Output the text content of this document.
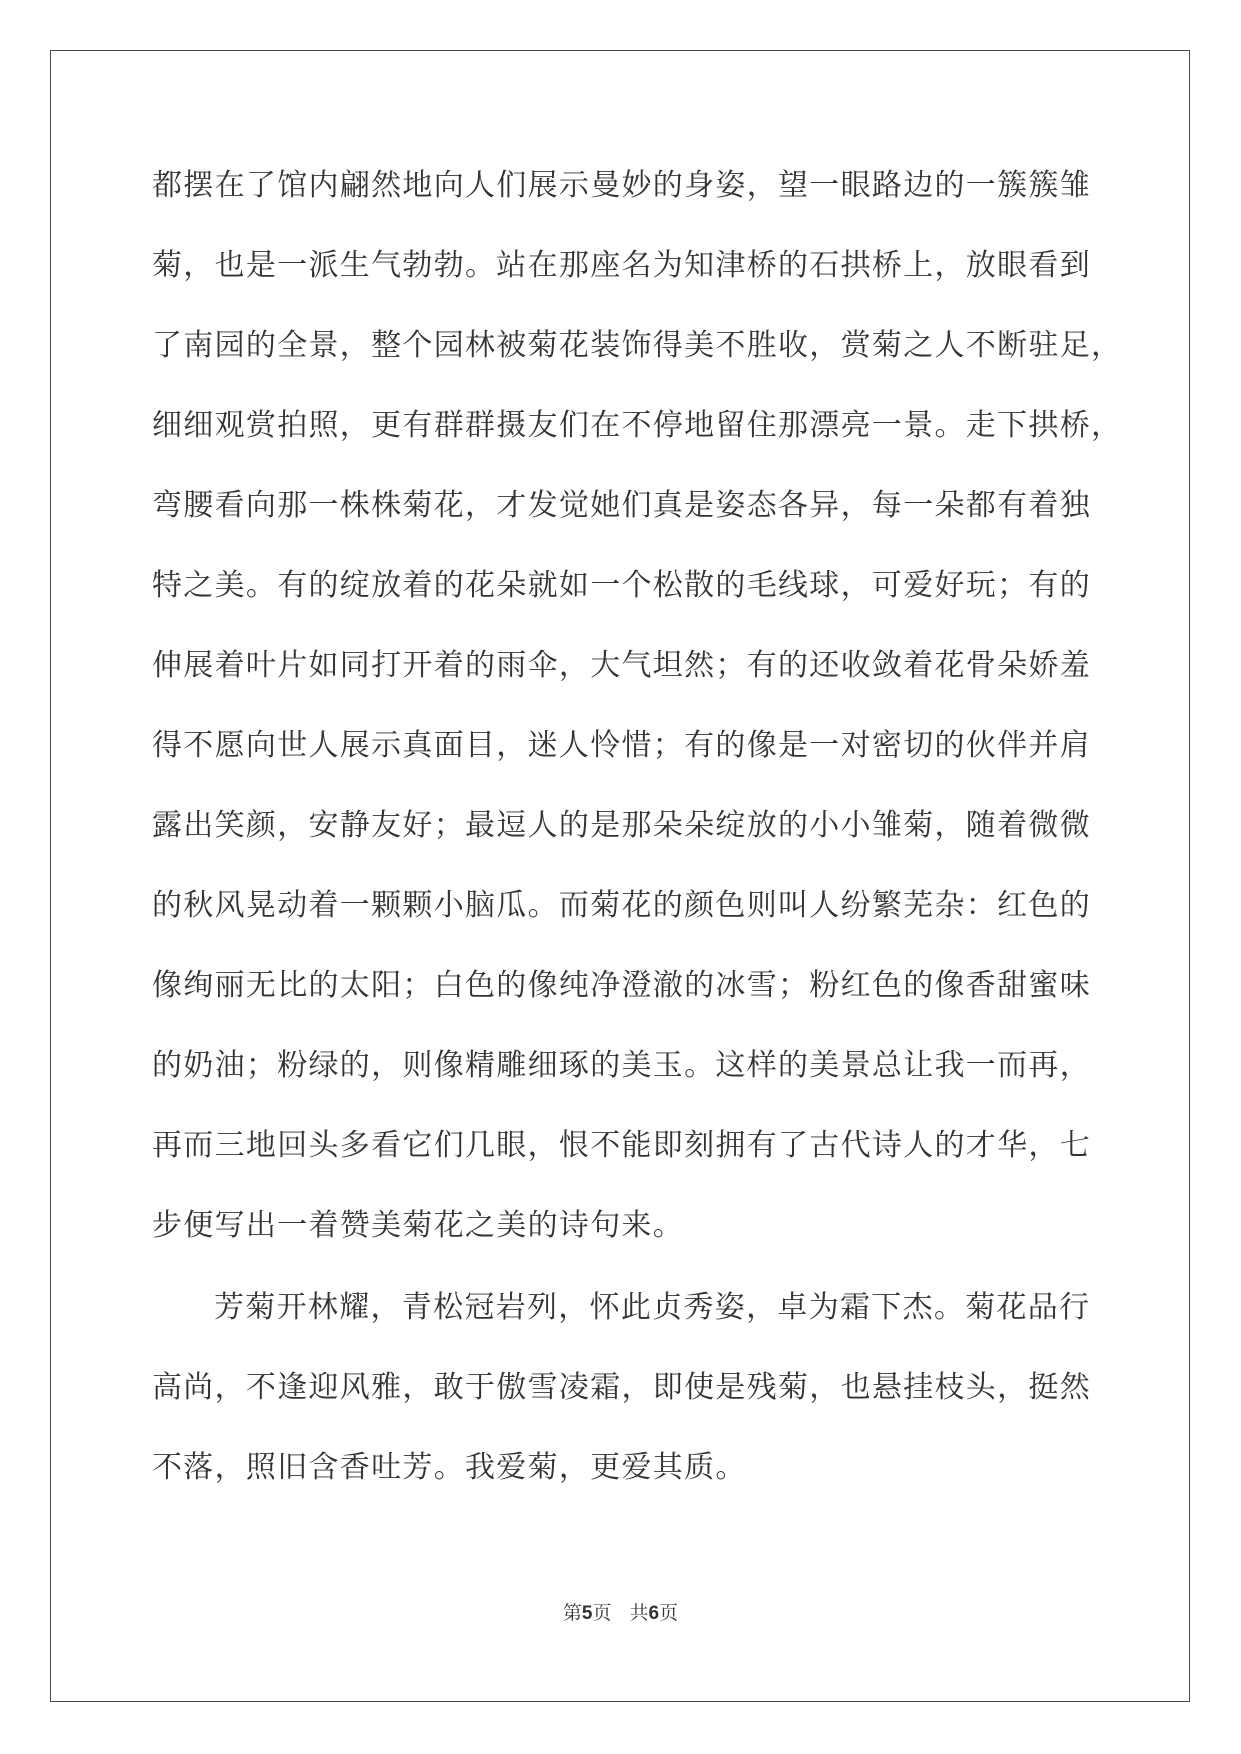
都摆在了馆内翩然地向人们展示曼妙的身姿，望一眼路边的一簇簇雏
菊，也是一派生气勃勃。站在那座名为知津桥的石拱桥上，放眼看到
了南园的全景，整个园林被菊花装饰得美不胜收，赏菊之人不断驻足，
细细观赏拍照，更有群群摄友们在不停地留住那漂亮一景。走下拱桥，
弯腰看向那一株株菊花，才发觉她们真是姿态各异，每一朵都有着独
特之美。有的绽放着的花朵就如一个松散的毛线球，可爱好玩；有的
伸展着叶片如同打开着的雨伞，大气坦然；有的还收敛着花骨朵娇羞
得不愿向世人展示真面目，迷人怜惜；有的像是一对密切的伙伴并肩
露出笑颜，安静友好；最逗人的是那朵朵绽放的小小雏菊，随着微微
的秋风晃动着一颗颗小脑瓜。而菊花的颜色则叫人纷繁芜杂：红色的
像绚丽无比的太阳；白色的像纯净澄澈的冰雪；粉红色的像香甜蜜味
的奶油；粉绿的，则像精雕细琢的美玉。这样的美景总让我一而再，
再而三地回头多看它们几眼，恨不能即刻拥有了古代诗人的才华，七
步便写出一着赞美菊花之美的诗句来。
芳菊开林耀，青松冠岩列，怀此贞秀姿，卓为霜下杰。菊花品行
高尚，不逢迎风雅，敢于傲雪凌霜，即使是残菊，也悬挂枝头，挺然
不落，照旧含香吐芳。我爱菊，更爱其质。
第5页 共6页
